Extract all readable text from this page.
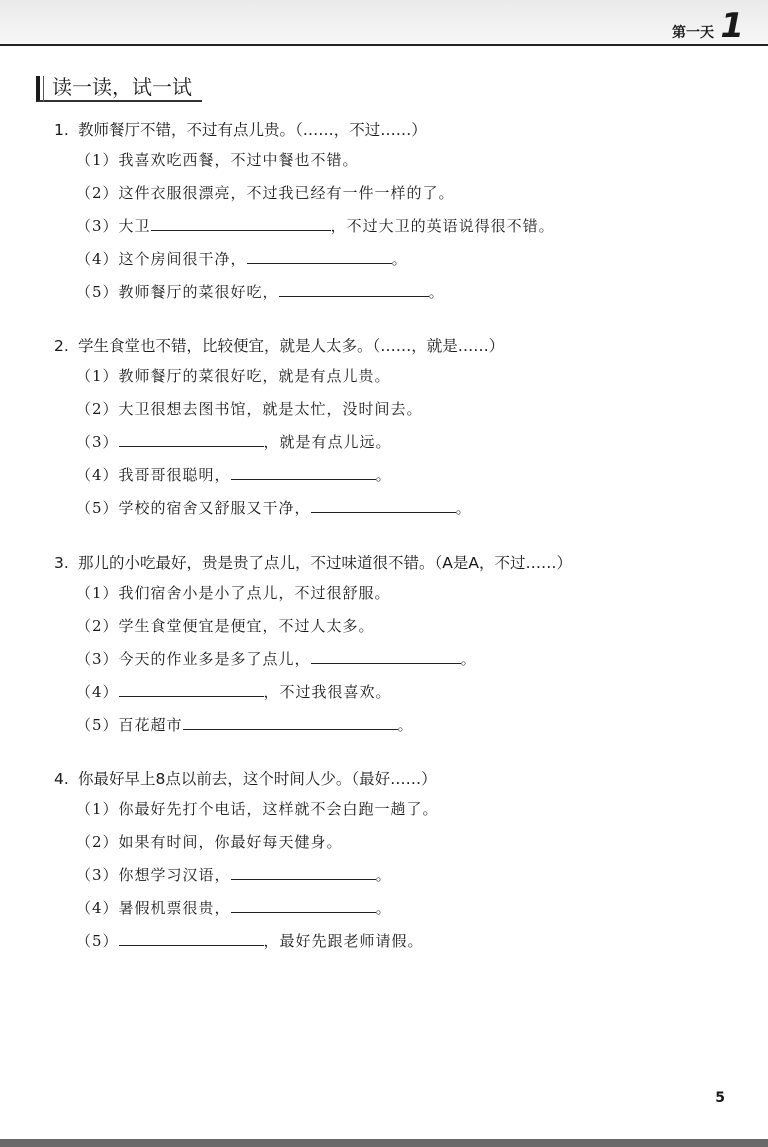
第一天 1
读一读，试一试
1. 教师餐厅不错，不过有点儿贵。（……，不过……）
（1）我喜欢吃西餐，不过中餐也不错。
（2）这件衣服很漂亮，不过我已经有一件一样的了。
（3）大卫	，不过大卫的英语说得很不错。
（4）这个房间很干净，	。
（5）教师餐厅的菜很好吃，	。
2. 学生食堂也不错，比较便宜，就是人太多。（……，就是……）
（1）教师餐厅的菜很好吃，就是有点儿贵。
（2）大卫很想去图书馆，就是太忙，没时间去。
（3）	，就是有点儿远。
（4）我哥哥很聪明，	。
（5）学校的宿舍又舒服又干净，	。
3. 那儿的小吃最好，贵是贵了点儿，不过味道很不错。（A是A，不过……）
（1）我们宿舍小是小了点儿，不过很舒服。
（2）学生食堂便宜是便宜，不过人太多。
（3）今天的作业多是多了点儿，	。
（4）	，不过我很喜欢。
（5）百花超市	。
4. 你最好早上8点以前去，这个时间人少。（最好……）
（1）你最好先打个电话，这样就不会白跑一趟了。
（2）如果有时间，你最好每天健身。
（3）你想学习汉语，	。
（4）暑假机票很贵，	。
（5）	，最好先跟老师请假。
5
